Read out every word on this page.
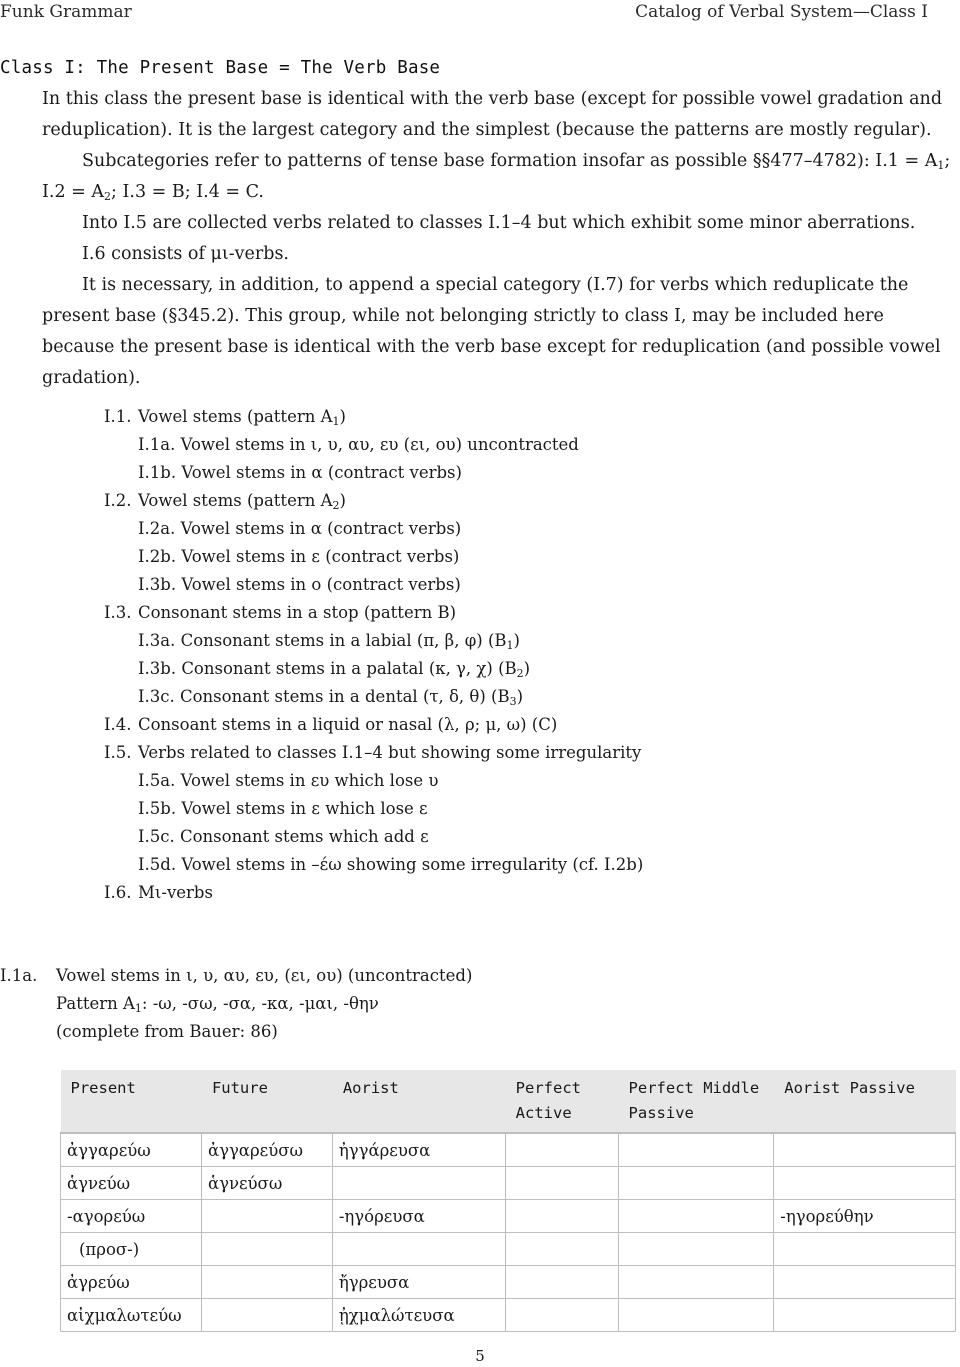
Funk Grammar	Catalog of Verbal System—Class I
Class I: The Present Base = The Verb Base
In this class the present base is identical with the verb base (except for possible vowel gradation and
reduplication). It is the largest category and the simplest (because the patterns are mostly regular).
Subcategories refer to patterns of tense base formation insofar as possible §§477–4782): $I.1 = A_1$;
$I.2 = A_2$; I.3 = B; I.4 = C.
Into I.5 are collected verbs related to classes I.1–4 but which exhibit some minor aberrations.
I.6 consists of μι-verbs.
It is necessary, in addition, to append a special category (I.7) for verbs which reduplicate the
present base (§345.2). This group, while not belonging strictly to class I, may be included here
because the present base is identical with the verb base except for reduplication (and possible vowel
gradation).
I.1. Vowel stems (pattern $A_1$)
I.1a. Vowel stems in ι, υ, αυ, ευ (ει, ου) uncontracted
I.1b. Vowel stems in α (contract verbs)
I.2. Vowel stems (pattern $A_2$)
I.2a. Vowel stems in α (contract verbs)
I.2b. Vowel stems in ε (contract verbs)
I.3b. Vowel stems in ο (contract verbs)
I.3. Consonant stems in a stop (pattern B)
I.3a. Consonant stems in a labial (π, β, φ) $(B_1)$
I.3b. Consonant stems in a palatal (κ, γ, χ) $(B_2)$
I.3c. Consonant stems in a dental (τ, δ, θ) $(B_3)$
I.4. Consoant stems in a liquid or nasal (λ, ρ; μ, ω) (C)
I.5. Verbs related to classes I.1–4 but showing some irregularity
I.5a. Vowel stems in ευ which lose υ
I.5b. Vowel stems in ε which lose ε
I.5c. Consonant stems which add ε
I.5d. Vowel stems in –έω showing some irregularity (cf. I.2b)
I.6. Mι-verbs
I.1a. Vowel stems in ι, υ, αυ, ευ, (ει, ου) (uncontracted)
Pattern $A_1$: -ω, -σω, -σα, -κα, -μαι, -θην
(complete from Bauer: 86)
Present	Future	Aorist	Perfect Active	Perfect Middle Passive	Aorist Passive
ἀγγαρεύω	ἀγγαρεύσω	ἠγγάρευσα			
ἁγνεύω	ἁγνεύσω				
-αγορεύω		-ηγόρευσα			-ηγορεύθην
(προσ-)					
ἀγρεύω		ἤγρευσα			
αἰχμαλωτεύω		ᾐχμαλώτευσα			
5
